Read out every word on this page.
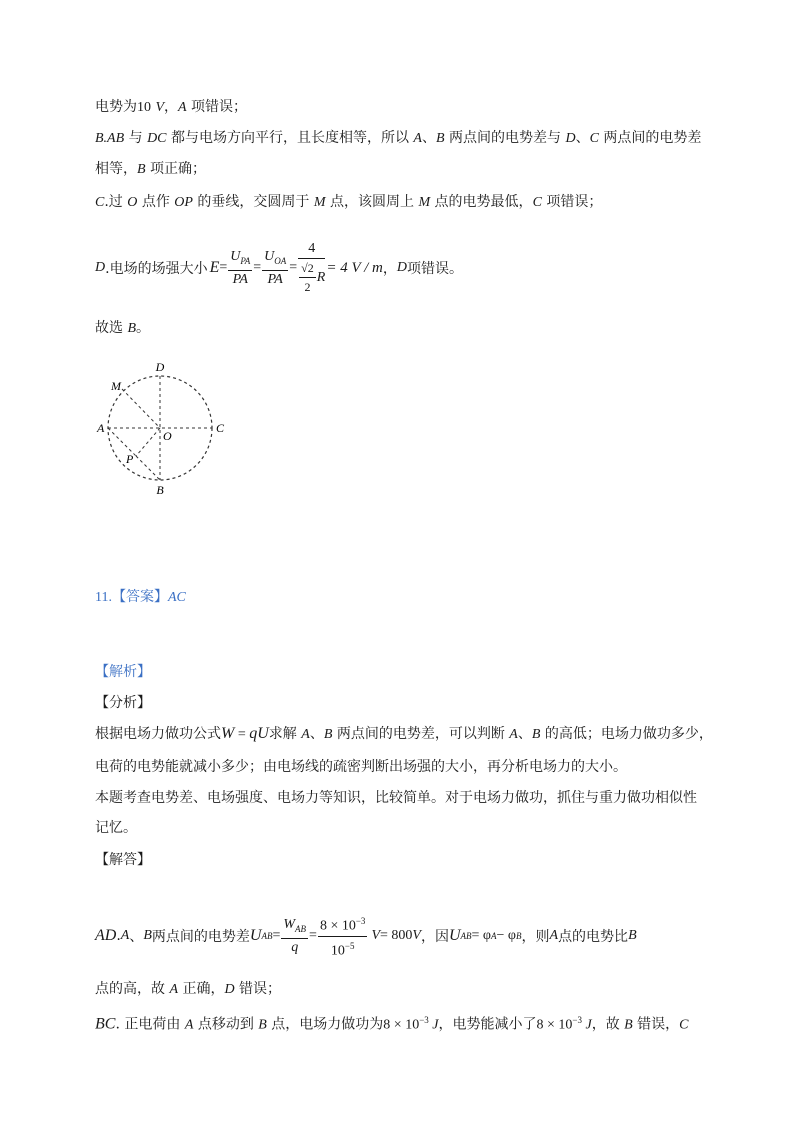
电势为10 V，A 项错误；
B.AB 与 DC 都与电场方向平行，且长度相等，所以 A、B 两点间的电势差与 D、C 两点间的电势差
相等，B 项正确；
C.过 O 点作 OP 的垂线，交圆周于 M 点，该圆周上 M 点的电势最低，C 项错误；
D .电场的场强大小 $E = \frac{U_{PA}}{PA} = \frac{U_{OA}}{PA} = \frac{4}{\frac{√2}{2} R} = 4$ V / m ， D 项错误。
故选 B。
D
M
A
O
C
P
B
11.【答案】AC
【解析】
【分析】
根据电场力做功公式W = qU求解 A、B 两点间的电势差，可以判断 A、B 的高低；电场力做功多少，
电荷的电势能就减小多少；由电场线的疏密判断出场强的大小，再分析电场力的大小。
本题考查电势差、电场强度、电场力等知识，比较简单。对于电场力做功，抓住与重力做功相似性
记忆。
【解答】
AD . A 、 B 两点间的电势差 U AB = $\frac{W_{AB}}{q} = \frac{8 \times 10^{-3}}{10^{-5}}$ V = 800 V ，因 U AB = φ A − φ B ，则 A 点的电势比 B
点的高，故 A 正确，D 错误；
BC. 正电荷由 A 点移动到 B 点，电场力做功为$8 \times 10^{-3}$ J，电势能减小了$8 \times 10^{-3}$ J，故 B 错误，C
